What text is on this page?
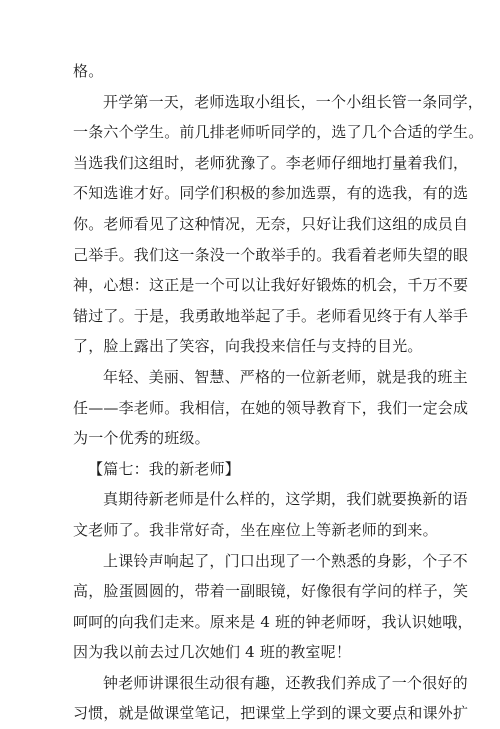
格。
开学第一天，老师选取小组长，一个小组长管一条同学，
一条六个学生。前几排老师听同学的，选了几个合适的学生。
当选我们这组时，老师犹豫了。李老师仔细地打量着我们，
不知选谁才好。同学们积极的参加选票，有的选我，有的选
你。老师看见了这种情况，无奈，只好让我们这组的成员自
己举手。我们这一条没一个敢举手的。我看着老师失望的眼
神，心想：这正是一个可以让我好好锻炼的机会，千万不要
错过了。于是，我勇敢地举起了手。老师看见终于有人举手
了，脸上露出了笑容，向我投来信任与支持的目光。
年轻、美丽、智慧、严格的一位新老师，就是我的班主
任——李老师。我相信，在她的领导教育下，我们一定会成
为一个优秀的班级。
【篇七：我的新老师】
真期待新老师是什么样的，这学期，我们就要换新的语
文老师了。我非常好奇，坐在座位上等新老师的到来。
上课铃声响起了，门口出现了一个熟悉的身影，个子不
高，脸蛋圆圆的，带着一副眼镜，好像很有学问的样子，笑
呵呵的向我们走来。原来是 4 班的钟老师呀，我认识她哦，
因为我以前去过几次她们 4 班的教室呢！
钟老师讲课很生动很有趣，还教我们养成了一个很好的
习惯，就是做课堂笔记，把课堂上学到的课文要点和课外扩
